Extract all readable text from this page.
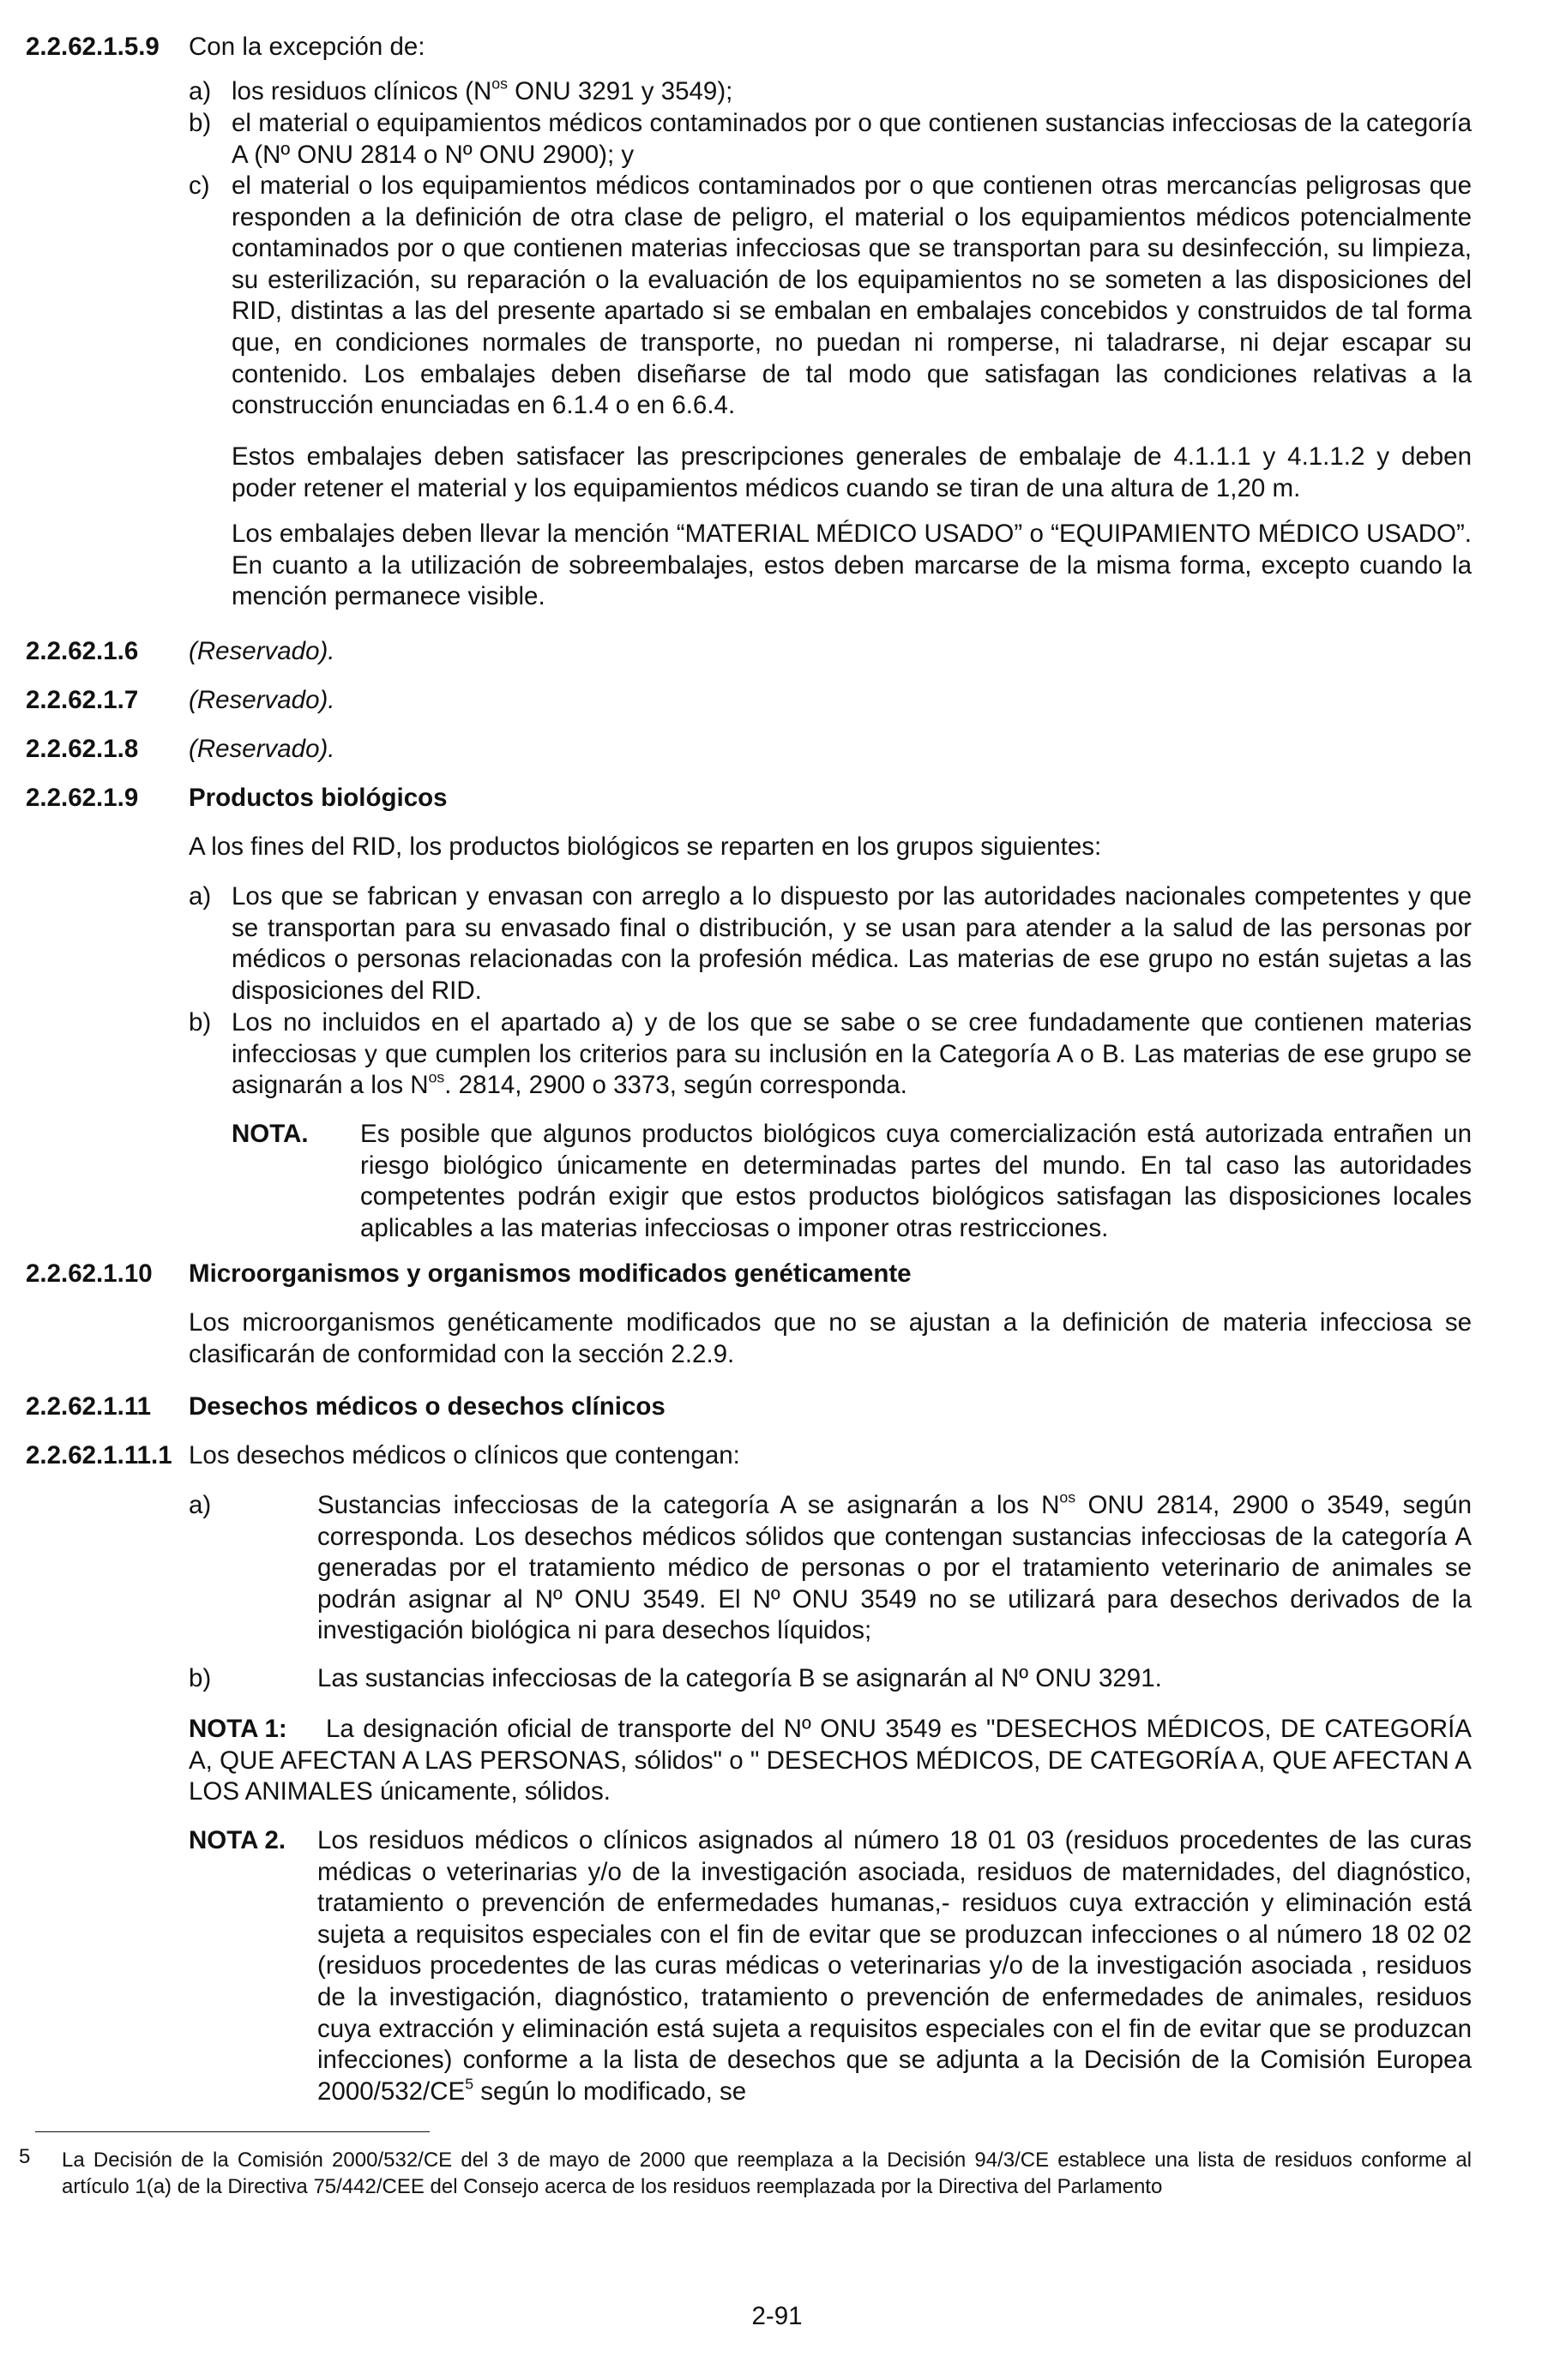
2.2.62.1.5.9 Con la excepción de:
a) los residuos clínicos ($N^{os}$ ONU 3291 y 3549);
b) el material o equipamientos médicos contaminados por o que contienen sustancias infecciosas de la categoría A (Nº ONU 2814 o Nº ONU 2900); y
c) el material o los equipamientos médicos contaminados por o que contienen otras mercancías peligrosas que responden a la definición de otra clase de peligro, el material o los equipamientos médicos potencialmente contaminados por o que contienen materias infecciosas que se transportan para su desinfección, su limpieza, su esterilización, su reparación o la evaluación de los equipamientos no se someten a las disposiciones del RID, distintas a las del presente apartado si se embalan en embalajes concebidos y construidos de tal forma que, en condiciones normales de transporte, no puedan ni romperse, ni taladrarse, ni dejar escapar su contenido. Los embalajes deben diseñarse de tal modo que satisfagan las condiciones relativas a la construcción enunciadas en 6.1.4 o en 6.6.4.
Estos embalajes deben satisfacer las prescripciones generales de embalaje de 4.1.1.1 y 4.1.1.2 y deben poder retener el material y los equipamientos médicos cuando se tiran de una altura de 1,20 m.
Los embalajes deben llevar la mención “MATERIAL MÉDICO USADO” o “EQUIPAMIENTO MÉDICO USADO”. En cuanto a la utilización de sobreembalajes, estos deben marcarse de la misma forma, excepto cuando la mención permanece visible.
2.2.62.1.6 (Reservado).
2.2.62.1.7 (Reservado).
2.2.62.1.8 (Reservado).
2.2.62.1.9 Productos biológicos
A los fines del RID, los productos biológicos se reparten en los grupos siguientes:
a) Los que se fabrican y envasan con arreglo a lo dispuesto por las autoridades nacionales competentes y que se transportan para su envasado final o distribución, y se usan para atender a la salud de las personas por médicos o personas relacionadas con la profesión médica. Las materias de ese grupo no están sujetas a las disposiciones del RID.
b) Los no incluidos en el apartado a) y de los que se sabe o se cree fundadamente que contienen materias infecciosas y que cumplen los criterios para su inclusión en la Categoría A o B. Las materias de ese grupo se asignarán a los $N^{os}$. 2814, 2900 o 3373, según corresponda.
NOTA. Es posible que algunos productos biológicos cuya comercialización está autorizada entrañen un riesgo biológico únicamente en determinadas partes del mundo. En tal caso las autoridades competentes podrán exigir que estos productos biológicos satisfagan las disposiciones locales aplicables a las materias infecciosas o imponer otras restricciones.
2.2.62.1.10 Microorganismos y organismos modificados genéticamente
Los microorganismos genéticamente modificados que no se ajustan a la definición de materia infecciosa se clasificarán de conformidad con la sección 2.2.9.
2.2.62.1.11 Desechos médicos o desechos clínicos
2.2.62.1.11.1 Los desechos médicos o clínicos que contengan:
a)	Sustancias infecciosas de la categoría A se asignarán a los $N^{os}$ ONU 2814, 2900 o 3549, según corresponda. Los desechos médicos sólidos que contengan sustancias infecciosas de la categoría A generadas por el tratamiento médico de personas o por el tratamiento veterinario de animales se podrán asignar al Nº ONU 3549. El Nº ONU 3549 no se utilizará para desechos derivados de la investigación biológica ni para desechos líquidos;
b)	Las sustancias infecciosas de la categoría B se asignarán al Nº ONU 3291.
NOTA 1:	La designación oficial de transporte del Nº ONU 3549 es "DESECHOS MÉDICOS, DE CATEGORÍA A, QUE AFECTAN A LAS PERSONAS, sólidos" o " DESECHOS MÉDICOS, DE CATEGORÍA A, QUE AFECTAN A LOS ANIMALES únicamente, sólidos.
NOTA 2. Los residuos médicos o clínicos asignados al número 18 01 03 (residuos procedentes de las curas médicas o veterinarias y/o de la investigación asociada, residuos de maternidades, del diagnóstico, tratamiento o prevención de enfermedades humanas,- residuos cuya extracción y eliminación está sujeta a requisitos especiales con el fin de evitar que se produzcan infecciones o al número 18 02 02 (residuos procedentes de las curas médicas o veterinarias y/o de la investigación asociada , residuos de la investigación, diagnóstico, tratamiento o prevención de enfermedades de animales, residuos cuya extracción y eliminación está sujeta a requisitos especiales con el fin de evitar que se produzcan infecciones) conforme a la lista de desechos que se adjunta a la Decisión de la Comisión Europea $2000/532/CE^5$ según lo modificado, se
5 La Decisión de la Comisión 2000/532/CE del 3 de mayo de 2000 que reemplaza a la Decisión 94/3/CE establece una lista de residuos conforme al artículo 1(a) de la Directiva 75/442/CEE del Consejo acerca de los residuos reemplazada por la Directiva del Parlamento
2-91
